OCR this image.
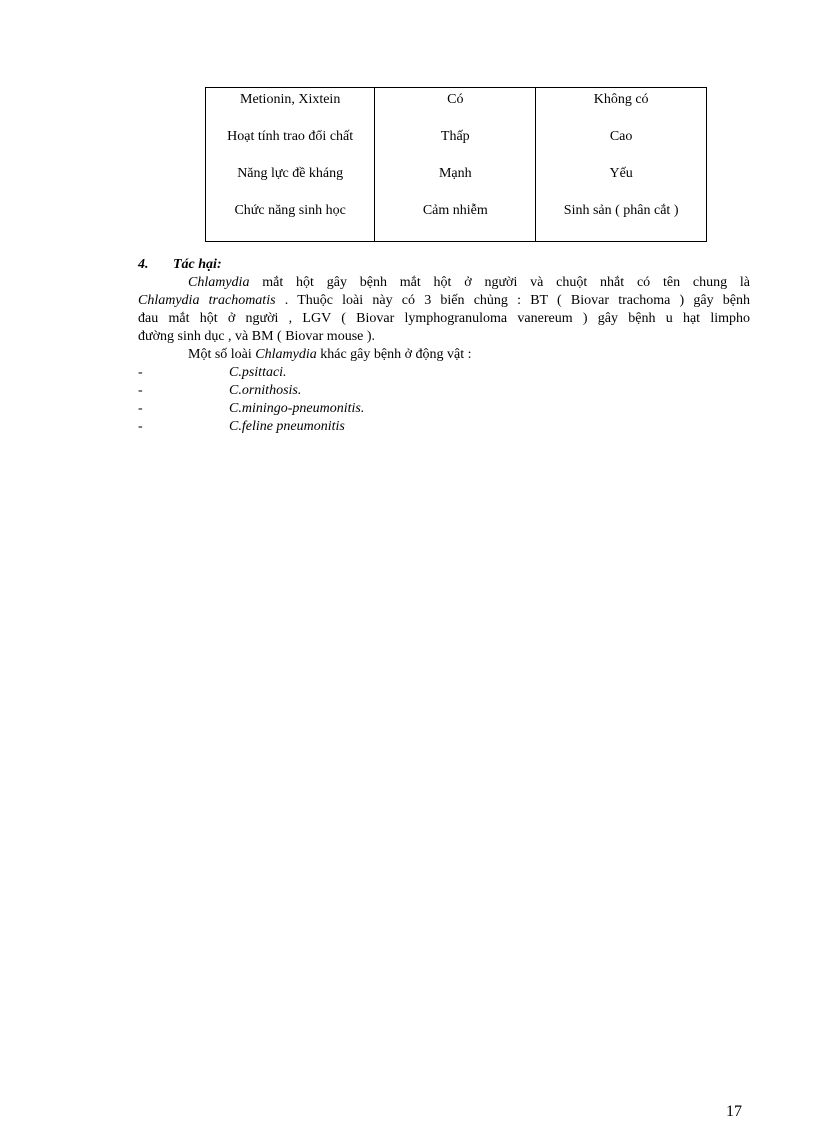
Metionin, Xixtein	Có	Không có
Hoạt tính trao đổi chất	Thấp	Cao
Năng lực đề kháng	Mạnh	Yếu
Chức năng sinh học	Cảm nhiễm	Sinh sản ( phân cắt )
4. Tác hại:
Chlamydia mắt hột gây bệnh mắt hột ở người và chuột nhắt có tên chung là
Chlamydia trachomatis . Thuộc loài này có 3 biến chủng : BT ( Biovar trachoma ) gây bệnh
đau mắt hột ở người , LGV ( Biovar lymphogranuloma vanereum ) gây bệnh u hạt limpho
đường sinh dục , và BM ( Biovar mouse ).
Một số loài Chlamydia khác gây bệnh ở động vật :
-	C.psittaci.
-	C.ornithosis.
-	C.miningo-pneumonitis.
-	C.feline pneumonitis
17
